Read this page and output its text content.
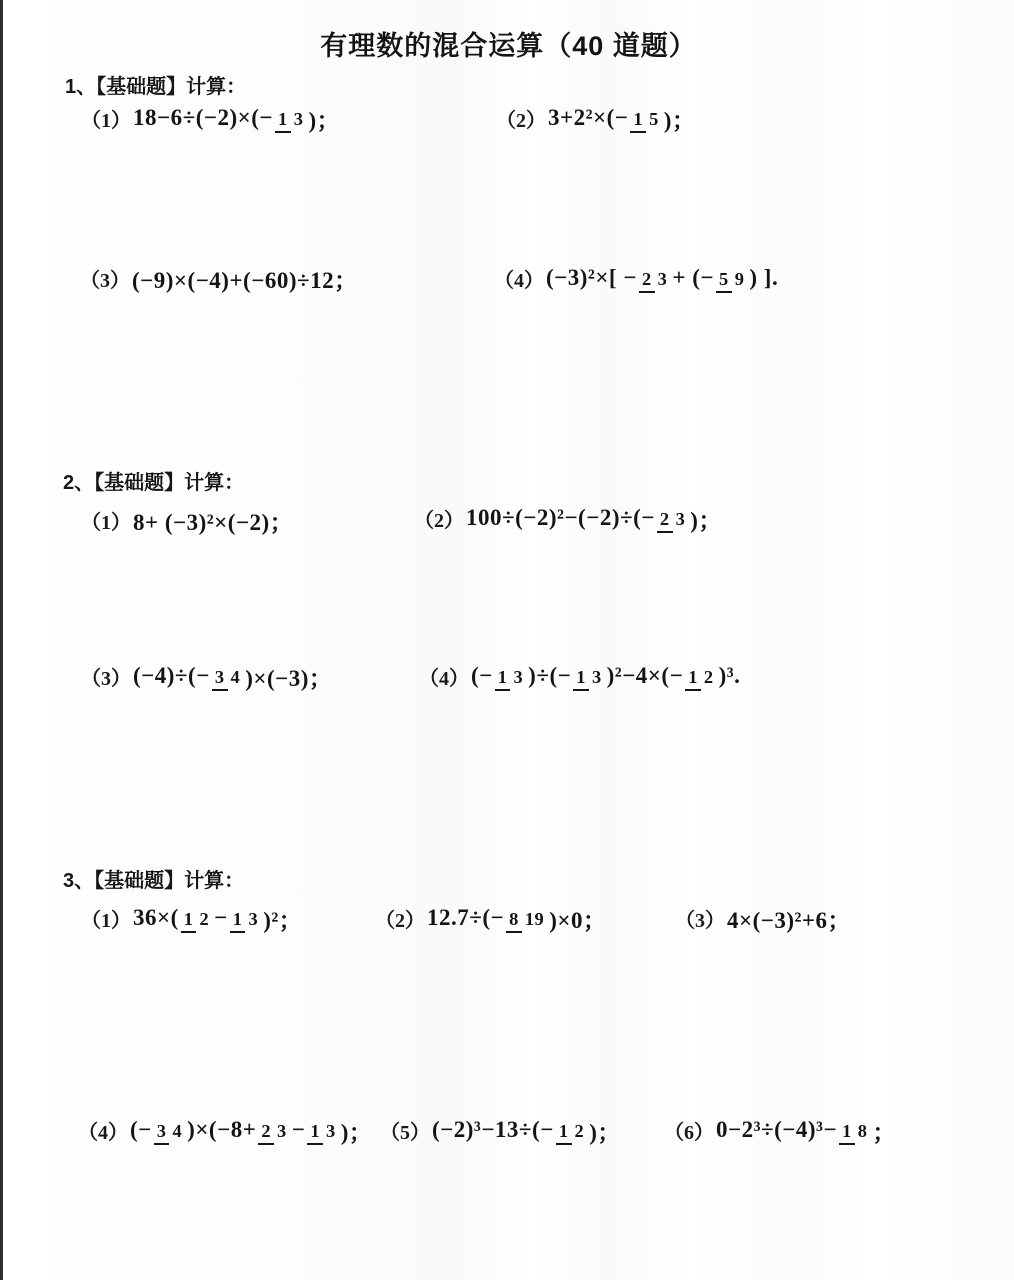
有理数的混合运算（40 道题）
1、【基础题】计算：
（1） 18−6÷(−2)×(− 1 3 )；	（2） 3+2²×(− 1 5 )；
（3） (−9)×(−4)+(−60)÷12；	（4） (−3)²×[ − 2 3 + (− 5 9 ) ].
2、【基础题】计算：
（1） 8+ (−3)²×(−2)；	（2） 100÷(−2)²−(−2)÷(− 2 3 )；
（3） (−4)÷(− 3 4 )×(−3)；	（4） (− 1 3 )÷(− 1 3 )²−4×(− 1 2 )³.
3、【基础题】计算：
（1） 36×( 1 2 − 1 3 )²；	（2） 12.7÷(− 8 19 )×0；	（3） 4×(−3)²+6；
（4） (− 3 4 )×(−8+ 2 3 − 1 3 )； （5） (−2)³−13÷(− 1 2 )； （6） 0−2³÷(−4)³− 1 8 ；
